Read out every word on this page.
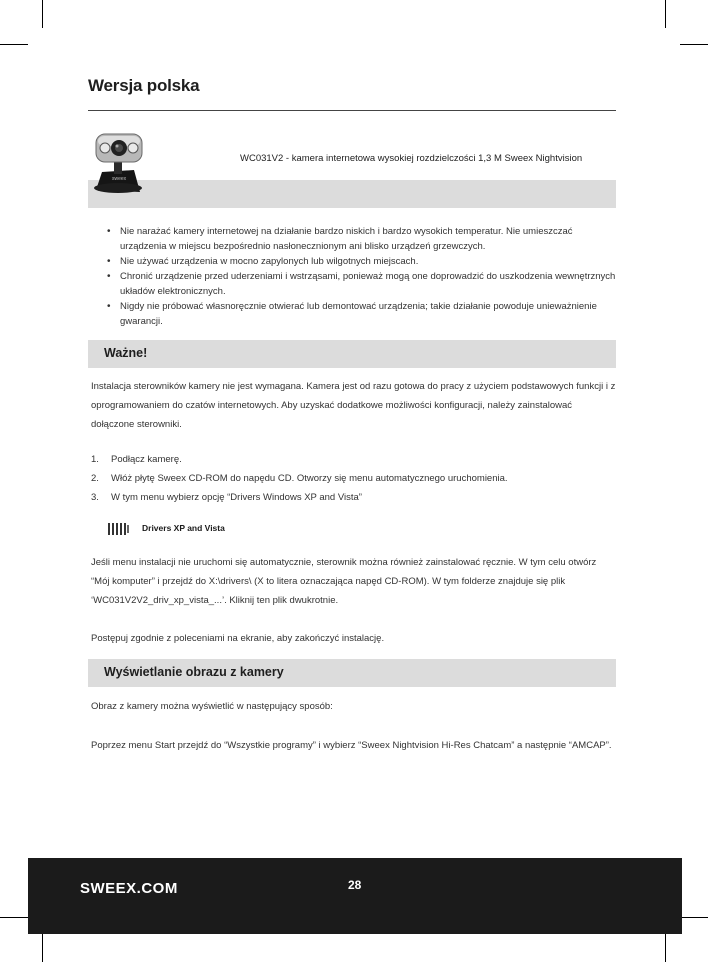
Wersja polska
sweex
WC031V2 - kamera internetowa wysokiej rozdzielczości 1,3 M Sweex Nightvision
• Nie narażać kamery internetowej na działanie bardzo niskich i bardzo wysokich temperatur. Nie umieszczać urządzenia w miejscu bezpośrednio nasłonecznionym ani blisko urządzeń grzewczych.
• Nie używać urządzenia w mocno zapylonych lub wilgotnych miejscach.
• Chronić urządzenie przed uderzeniami i wstrząsami, ponieważ mogą one doprowadzić do uszkodzenia wewnętrznych układów elektronicznych.
• Nigdy nie próbować własnoręcznie otwierać lub demontować urządzenia; takie działanie powoduje unieważnienie gwarancji.
Ważne!

Instalacja sterowników kamery nie jest wymagana. Kamera jest od razu gotowa do pracy z użyciem podstawowych funkcji i z oprogramowaniem do czatów internetowych. Aby uzyskać dodatkowe możliwości konfiguracji, należy zainstalować dołączone sterowniki.

1. Podłącz kamerę.
2. Włóż płytę Sweex CD-ROM do napędu CD. Otworzy się menu automatycznego uruchomienia.
3. W tym menu wybierz opcję “Drivers Windows XP and Vista”
Drivers XP and Vista

Jeśli menu instalacji nie uruchomi się automatycznie, sterownik można również zainstalować ręcznie. W tym celu otwórz “Mój komputer” i przejdź do X:\drivers\ (X to litera oznaczająca napęd CD-ROM). W tym folderze znajduje się plik ‘WC031V2V2_driv_xp_vista_...’. Kliknij ten plik dwukrotnie.

Postępuj zgodnie z poleceniami na ekranie, aby zakończyć instalację.

Wyświetlanie obrazu z kamery

Obraz z kamery można wyświetlić w następujący sposób:

Poprzez menu Start przejdź do “Wszystkie programy” i wybierz “Sweex Nightvision Hi-Res Chatcam” a następnie “AMCAP”.

SWEEX.COM	28
